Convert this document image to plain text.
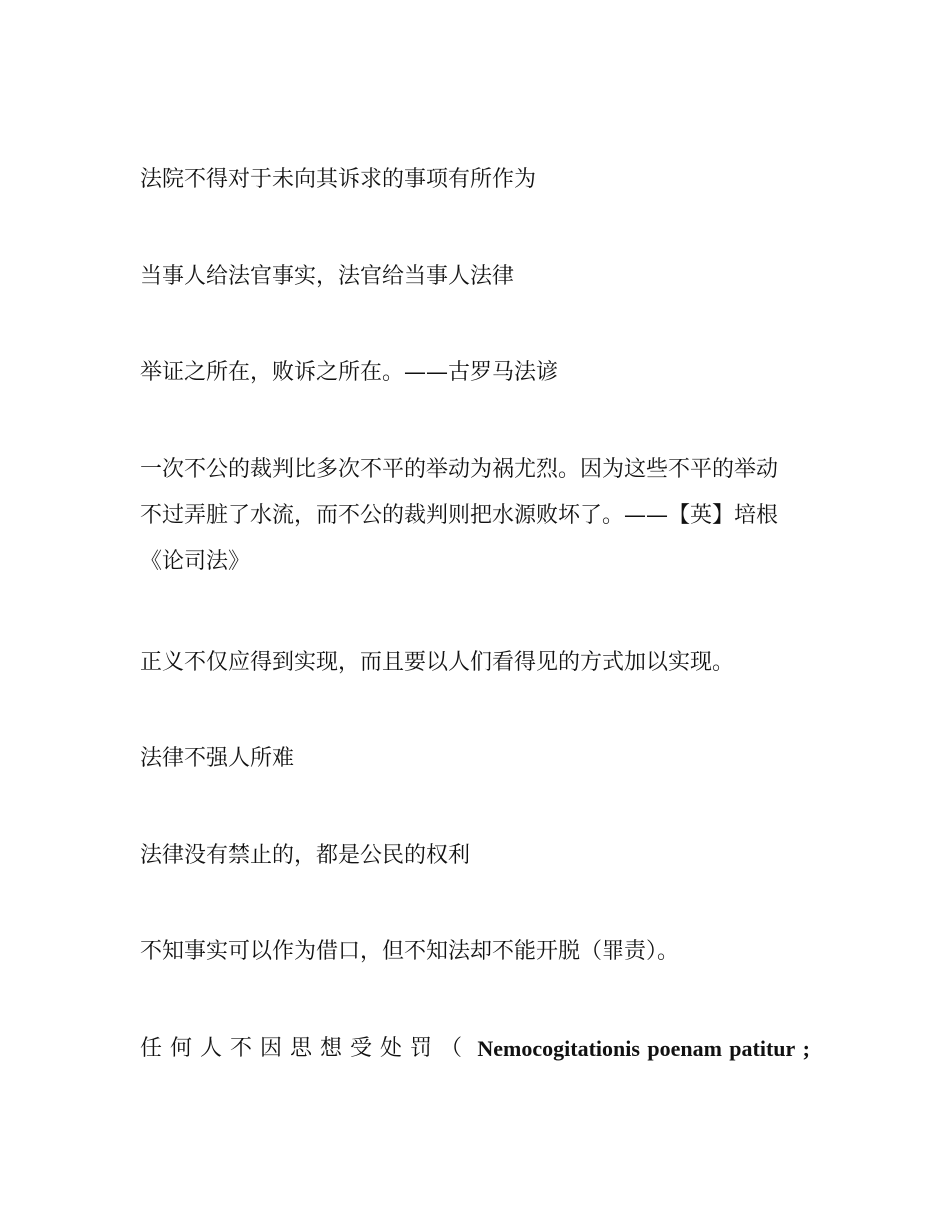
法院不得对于未向其诉求的事项有所作为

当事人给法官事实，法官给当事人法律

举证之所在，败诉之所在。——古罗马法谚

一次不公的裁判比多次不平的举动为祸尤烈。因为这些不平的举动
不过弄脏了水流，而不公的裁判则把水源败坏了。——【英】培根
《论司法》

正义不仅应得到实现，而且要以人们看得见的方式加以实现。

法律不强人所难

法律没有禁止的，都是公民的权利

不知事实可以作为借口，但不知法却不能开脱（罪责）。

任何人不因思想受处罚（ Nemocogitationis poenam patitur ;
